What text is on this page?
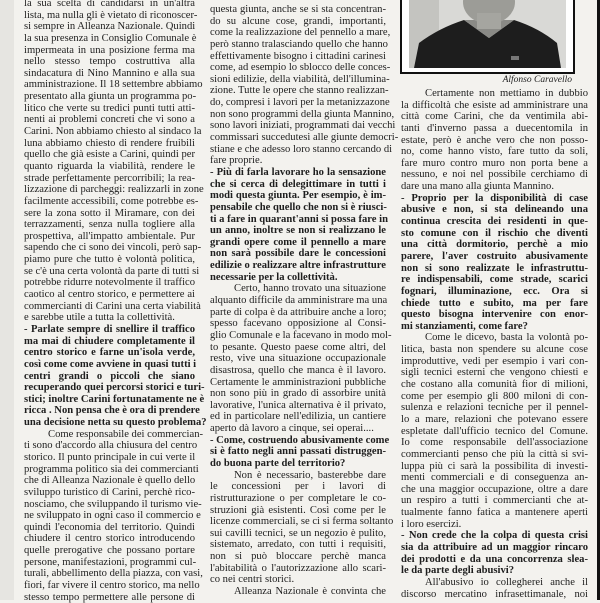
Alfonso Caravello
la sua scelta di candidarsi in un'altra
lista, ma nulla gli è vietato di riconoscer-
si sempre in Alleanza Nazionale. Quindi
la sua presenza in Consiglio Comunale è
impermeata in una posizione ferma ma
nello stesso tempo costruttiva alla
sindacatura di Nino Mannino e alla sua
amministrazione. Il 18 settembre abbiamo
presentato alla giunta un programma po-
litico che verte su tredici punti tutti atti-
nenti ai problemi concreti che vi sono a
Carini. Non abbiamo chiesto al sindaco la
luna abbiamo chiesto di rendere fruibili
quello che già esiste a Carini, quindi per
quanto riguarda la viabilità, rendere le
strade perfettamente percorribili; la rea-
lizzazione di parcheggi: realizzarli in zone
facilmente accessibili, come potrebbe es-
sere la zona sotto il Miramare, con dei
terrazzamenti, senza nulla togliere alla
prospettiva, all'impatto ambientale. Pur
sapendo che ci sono dei vincoli, però sap-
piamo pure che tutto è volontà politica,
se c'è una certa volontà da parte di tutti si
potrebbe ridurre notevolmente il traffico
caotico al centro storico, e permettere ai
commercianti di Carini una certa viabilità
e sarebbe utile a tutta la collettività.
- Parlate sempre di snellire il traffico
ma mai di chiudere completamente il
centro storico e farne un'isola verde,
così come come avviene in quasi tutti i
centri grandi o piccoli che siano
recuperando quei percorsi storici e turi-
stici; inoltre Carini fortunatamente ne è
ricca . Non pensa che è ora di prendere
una decisione netta su questo problema?
Come responsabile dei commercian-
ti sono d'accordo alla chiusura del centro
storico. Il punto principale in cui verte il
programma politico sia dei commercianti
che di Alleanza Nazionale è quello dello
sviluppo turistico di Carini, perchè rico-
nosciamo, che sviluppando il turismo vie-
ne sviluppato in ogni caso il commercio e
quindi l'economia del territorio. Quindi
chiudere il centro storico introducendo
quelle prerogative che possano portare
persone, manifestazioni, programmi cul-
turali, abbellimento della piazza, con vasi,
fiori, far vivere il centro storico, ma nello
stesso tempo permettere alle persone di
questa giunta, anche se si sta concentran-
do su alcune cose, grandi, importanti,
come la realizzazione del pennello a mare,
però stanno tralasciando quello che hanno
effettivamente bisogno i cittadini carinesi
come, ad esempio lo sblocco delle conces-
sioni edilizie, della viabilità, dell'illumina-
zione. Tutte le opere che stanno realizzan-
do, compresi i lavori per la metanizzazone
non sono programmi della giunta Mannino,
sono lavori iniziati, programmati dai vecchi
commissari succedutesi alle giunte democri-
stiane e che adesso loro stanno cercando di
fare proprie.
- Più di farla lavorare ho la sensazione
che si cerca di delegittimare in tutti i
modi questa giunta. Per esempio, è im-
pensabile che quello che non si è riusci-
ti a fare in quarant'anni si possa fare in
un anno, inoltre se non si realizzano le
grandi opere come il pennello a mare
non sarà possibile dare le concessioni
edilizie o realizzare altre infrastrutture
necessarie per la collettività.
Certo, hanno trovato una situazione
alquanto difficile da amministrare ma una
parte di colpa è da attribuire anche a loro;
spesso facevano opposizione al Consi-
glio Comunale e la facevano in modo mol-
to pesante. Questo paese come altri, del
resto, vive una situazione occupazionale
disastrosa, quello che manca è il lavoro.
Certamente le amministrazioni pubbliche
non sono più in grado di assorbire unità
lavorative, l'unica alternativa è il privato,
ed in particolare nell'edilizia, un cantiere
aperto dà lavoro a cinque, sei operai....
- Come, costruendo abusivamente come
si è fatto negli anni passati distruggen-
do buona parte del territorio?
Non è necessario, basterebbe dare
le concessioni per i lavori di
ristrutturazione o per completare le co-
struzioni già esistenti. Così come per le
licenze commerciali, se ci si ferma soltanto
sui cavilli tecnici, se un negozio è pulito,
sistemato, arredato, con tutti i requisiti,
non si può bloccare perchè manca
l'abitabilità o l'autorizzazione allo scari-
co nei centri storici.
Alleanza Nazionale è convinta che
Certamente non mettiamo in dubbio
la difficoltà che esiste ad amministrare una
città come Carini, che da ventimila abi-
tanti d'inverno passa a duecentomila in
estate, però è anche vero che non posso-
no, come hanno visto, fare tutto da soli,
fare muro contro muro non porta bene a
nessuno, e noi nel possibile cerchiamo di
dare una mano alla giunta Mannino.
- Proprio per la disponibilità di case
abusive e non, si sta delineando una
continua crescita dei residenti in que-
sto comune con il rischio che diventi
una città dormitorio, perchè a mio
parere, l'aver costruito abusivamente
non si sono realizzate le infrastruttu-
re indispensabili, come strade, scarici
fognari, illuminazione, ecc. Ora si
chiede tutto e subito, ma per fare
questo bisogna intervenire con enor-
mi stanziamenti, come fare?
Come le dicevo, basta la volontà po-
litica, basta non spendere su alcune cose
improduttive, vedi per esempio i vari con-
sigli tecnici esterni che vengono chiesti e
che costano alla comunità fior di milioni,
come per esempio gli 800 miloni di con-
sulenza e relazioni tecniche per il pennel-
lo a mare, relazioni che potevano essere
espletate dall'ufficio tecnico del Comune.
Io come responsabile dell'associazione
commercianti penso che più la città si svi-
luppa più ci sarà la possibilita di investi-
menti commerciali e di conseguenza an-
che una maggior occupazione, oltre a dare
un respiro a tutti i commercianti che at-
tualmente fanno fatica a mantenere aperti
i loro esercizi.
- Non crede che la colpa di questa crisi
sia da attribuire ad un maggior rincaro
dei prodotti e da una concorrenza slea-
le da parte degli abusivi?
All'abusivo io collegherei anche il
discorso mercatino infrasettimanale, noi
